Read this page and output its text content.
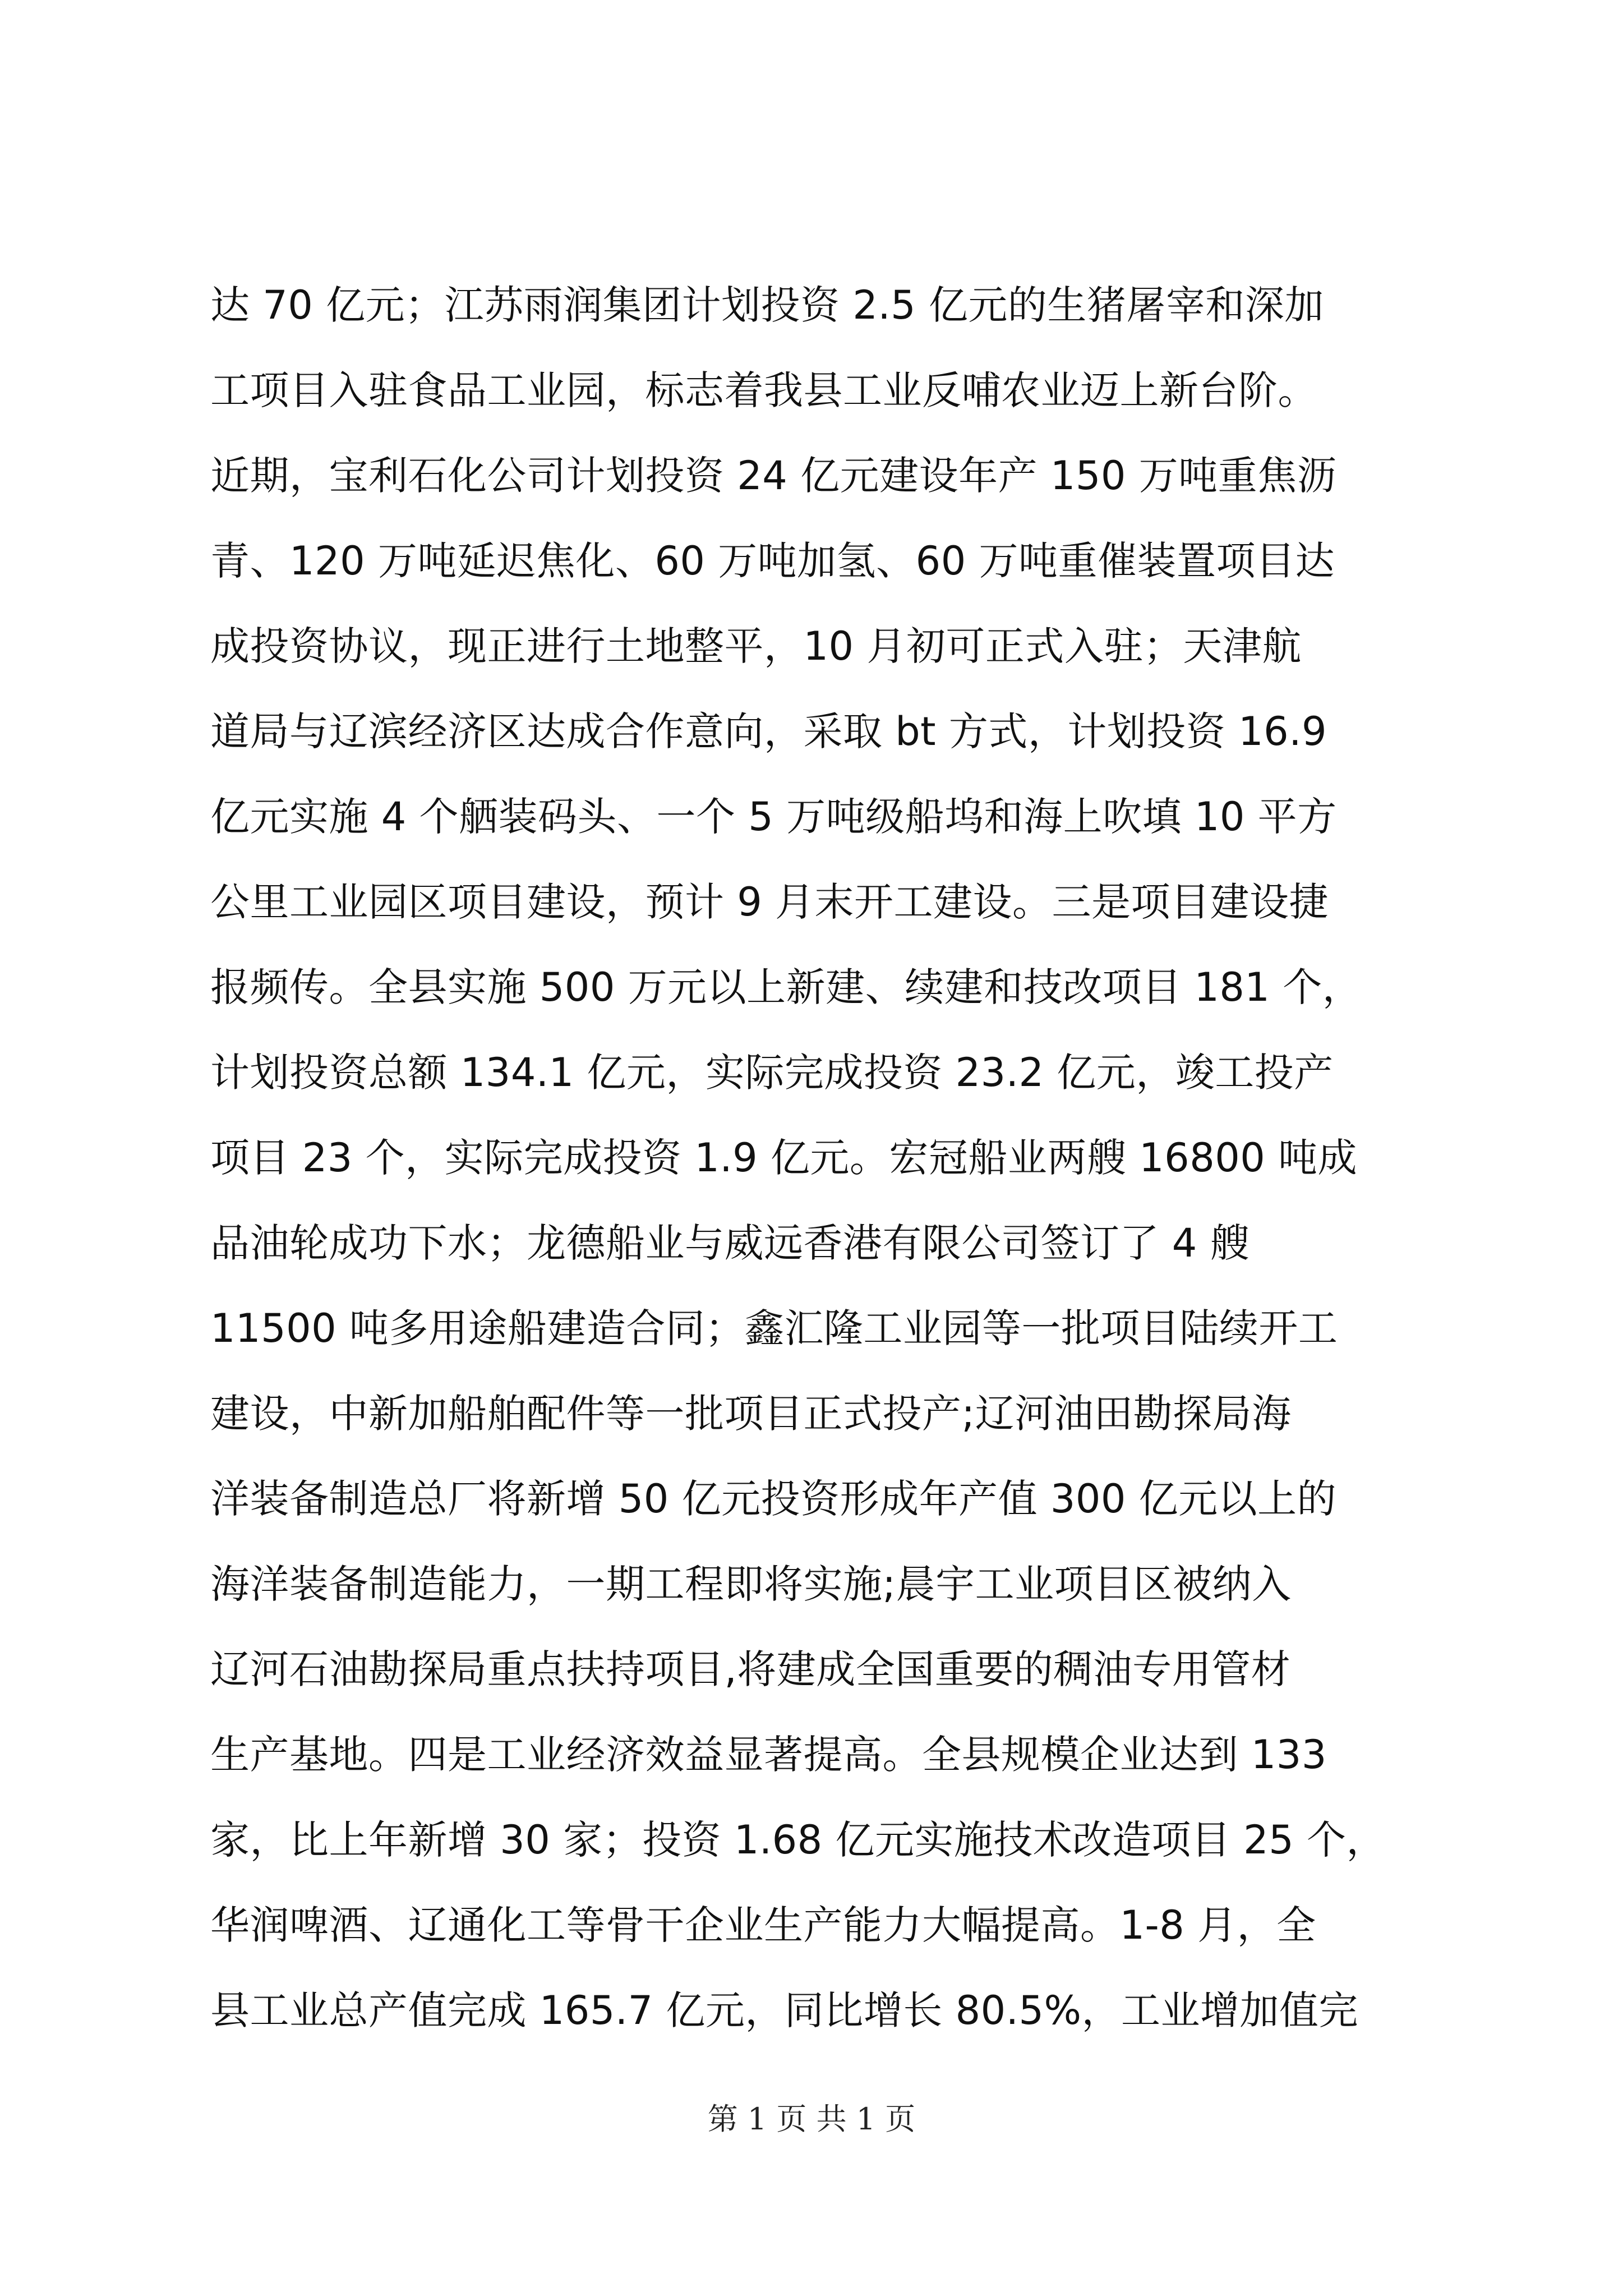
达 70 亿元；江苏雨润集团计划投资 2.5 亿元的生猪屠宰和深加
工项目入驻食品工业园，标志着我县工业反哺农业迈上新台阶。
近期，宝利石化公司计划投资 24 亿元建设年产 150 万吨重焦沥
青、120 万吨延迟焦化、60 万吨加氢、60 万吨重催装置项目达
成投资协议，现正进行土地整平，10 月初可正式入驻；天津航
道局与辽滨经济区达成合作意向，采取 bt 方式，计划投资 16.9
亿元实施 4 个舾装码头、一个 5 万吨级船坞和海上吹填 10 平方
公里工业园区项目建设，预计 9 月末开工建设。三是项目建设捷
报频传。全县实施 500 万元以上新建、续建和技改项目 181 个，
计划投资总额 134.1 亿元，实际完成投资 23.2 亿元，竣工投产
项目 23 个，实际完成投资 1.9 亿元。宏冠船业两艘 16800 吨成
品油轮成功下水；龙德船业与威远香港有限公司签订了 4 艘
11500 吨多用途船建造合同；鑫汇隆工业园等一批项目陆续开工
建设，中新加船舶配件等一批项目正式投产;辽河油田勘探局海
洋装备制造总厂将新增 50 亿元投资形成年产值 300 亿元以上的
海洋装备制造能力，一期工程即将实施;晨宇工业项目区被纳入
辽河石油勘探局重点扶持项目,将建成全国重要的稠油专用管材
生产基地。四是工业经济效益显著提高。全县规模企业达到 133
家，比上年新增 30 家；投资 1.68 亿元实施技术改造项目 25 个，
华润啤酒、辽通化工等骨干企业生产能力大幅提高。1-8 月，全
县工业总产值完成 165.7 亿元，同比增长 80.5%，工业增加值完
第 1 页 共 1 页
